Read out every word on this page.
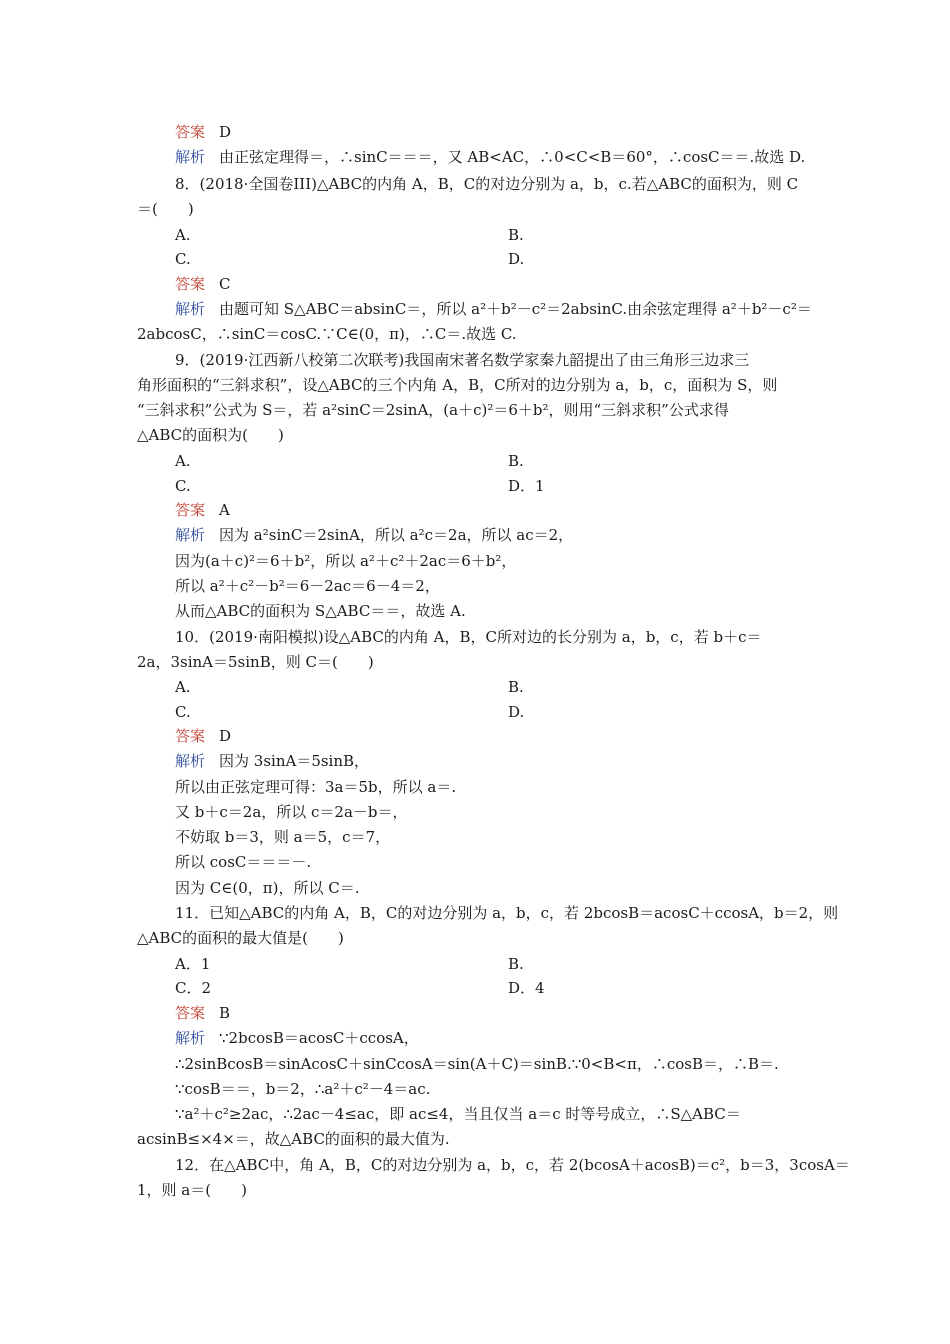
答案 D
解析 由正弦定理得＝，∴sinC＝＝＝，又 AB<AC，∴0<C<B＝60°，∴cosC＝＝.故选 D.
8．(2018·全国卷III)△ABC的内角 A，B，C的对边分别为 a，b，c.若△ABC的面积为，则 C
＝(　　)
A.	B.
C.	D.
答案 C
解析 由题可知 S△ABC＝absinC＝，所以 a²＋b²－c²＝2absinC.由余弦定理得 a²＋b²－c²＝
2abcosC，∴sinC＝cosC.∵C∈(0，π)，∴C＝.故选 C.
9．(2019·江西新八校第二次联考)我国南宋著名数学家秦九韶提出了由三角形三边求三
角形面积的“三斜求积”，设△ABC的三个内角 A，B，C所对的边分别为 a，b，c，面积为 S，则
“三斜求积”公式为 S＝，若 a²sinC＝2sinA，(a＋c)²＝6＋b²，则用“三斜求积”公式求得
△ABC的面积为(　　)
A.	B.
C.	D．1
答案 A
解析 因为 a²sinC＝2sinA，所以 a²c＝2a，所以 ac＝2，
因为(a＋c)²＝6＋b²，所以 a²＋c²＋2ac＝6＋b²，
所以 a²＋c²－b²＝6－2ac＝6－4＝2，
从而△ABC的面积为 S△ABC＝＝，故选 A.
10．(2019·南阳模拟)设△ABC的内角 A，B，C所对边的长分别为 a，b，c，若 b＋c＝
2a，3sinA＝5sinB，则 C＝(　　)
A.	B.
C.	D.
答案 D
解析 因为 3sinA＝5sinB，
所以由正弦定理可得：3a＝5b，所以 a＝.
又 b＋c＝2a，所以 c＝2a－b＝，
不妨取 b＝3，则 a＝5，c＝7，
所以 cosC＝＝＝－.
因为 C∈(0，π)，所以 C＝.
11．已知△ABC的内角 A，B，C的对边分别为 a，b，c，若 2bcosB＝acosC＋ccosA，b＝2，则
△ABC的面积的最大值是(　　)
A．1	B.
C．2	D．4
答案 B
解析 ∵2bcosB＝acosC＋ccosA，
∴2sinBcosB＝sinAcosC＋sinCcosA＝sin(A＋C)＝sinB.∵0<B<π，∴cosB＝，∴B＝.
∵cosB＝＝，b＝2，∴a²＋c²－4＝ac.
∵a²＋c²≥2ac，∴2ac－4≤ac，即 ac≤4，当且仅当 a＝c 时等号成立，∴S△ABC＝
acsinB≤×4×＝，故△ABC的面积的最大值为.
12．在△ABC中，角 A，B，C的对边分别为 a，b，c，若 2(bcosA＋acosB)＝c²，b＝3，3cosA＝
1，则 a＝(　　)
